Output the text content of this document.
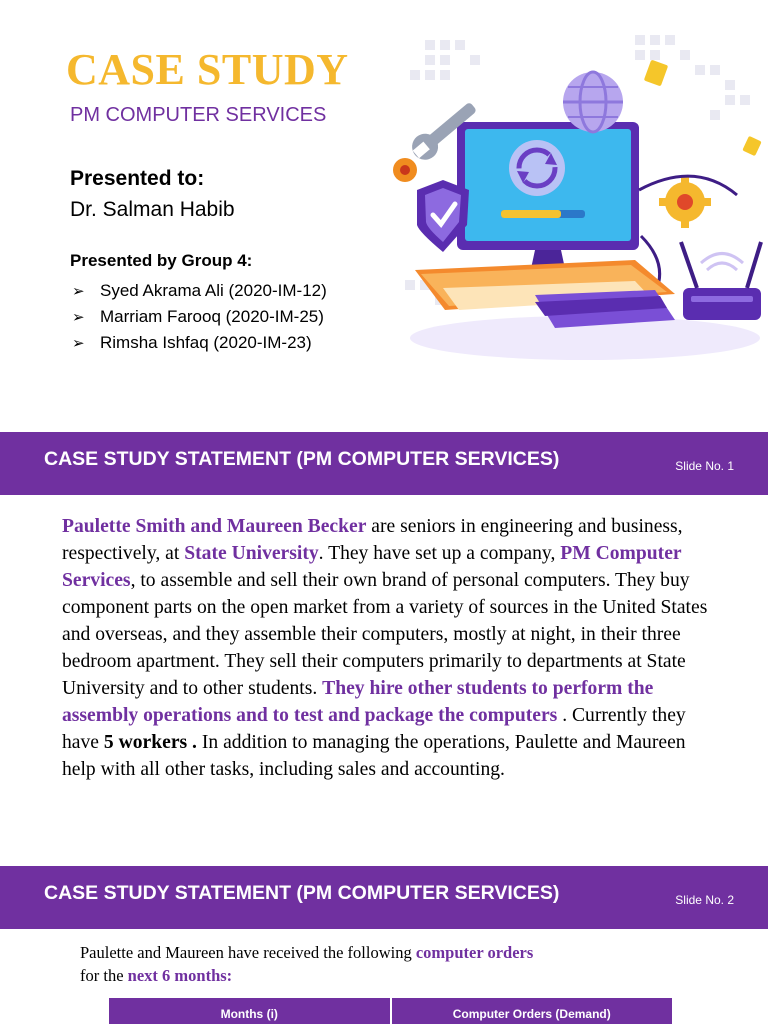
CASE STUDY
PM COMPUTER SERVICES
Presented to:
Dr. Salman Habib
Presented by Group 4:
➢ Syed Akrama Ali (2020-IM-12)
➢ Marriam Farooq (2020-IM-25)
➢ Rimsha Ishfaq (2020-IM-23)
CASE STUDY STATEMENT (PM COMPUTER SERVICES)	Slide No. 1

Paulette Smith and Maureen Becker are seniors in engineering and business, respectively, at State University. They have set up a company, PM Computer Services, to assemble and sell their own brand of personal computers. They buy component parts on the open market from a variety of sources in the United States and overseas, and they assemble their computers, mostly at night, in their three bedroom apartment. They sell their computers primarily to departments at State University and to other students. They hire other students to perform the assembly operations and to test and package the computers . Currently they have 5 workers . In addition to managing the operations, Paulette and Maureen help with all other tasks, including sales and accounting.

CASE STUDY STATEMENT (PM COMPUTER SERVICES)	Slide No. 2

Paulette and Maureen have received the following computer orders
for the next 6 months:

Months (i)	Computer Orders (Demand)
